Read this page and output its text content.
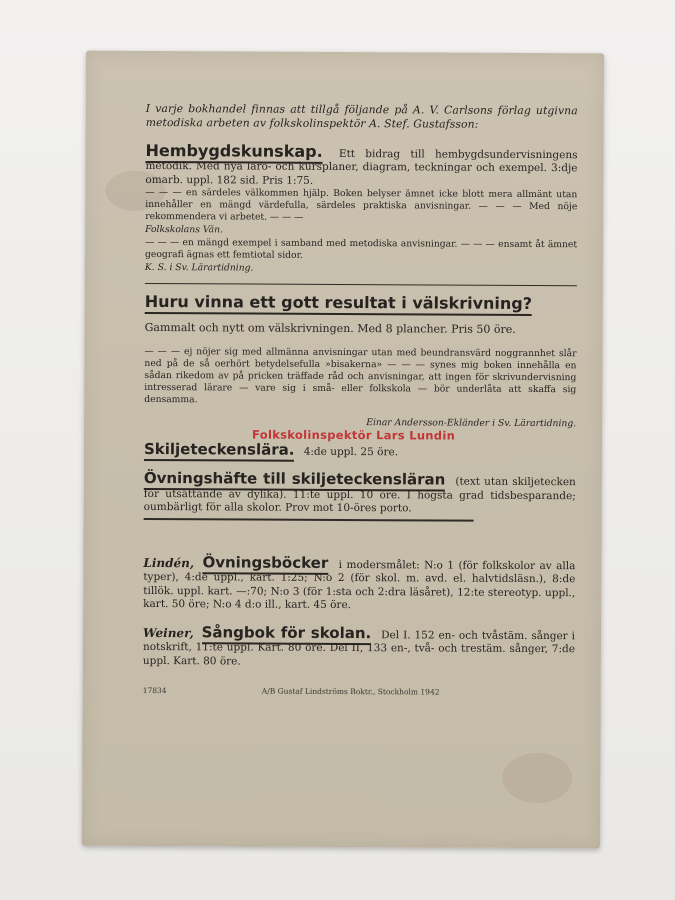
I varje bokhandel finnas att tillgå följande på A. V. Carlsons förlag utgivna metodiska arbeten av folkskolinspektör A. Stef. Gustafsson:

Hembygdskunskap. Ett bidrag till hembygdsundervisningens metodik. Med nya läro- och kursplaner, diagram, teckningar och exempel. 3:dje omarb. uppl. 182 sid. Pris 1:75.

— — — en särdeles välkommen hjälp. Boken belyser ämnet icke blott mera allmänt utan innehåller en mängd värdefulla, särdeles praktiska anvisningar. — — — Med nöje rekommendera vi arbetet. — — —

Folkskolans Vän.

— — — en mängd exempel i samband med metodiska anvisningar. — — — ensamt åt ämnet geografi ägnas ett femtiotal sidor.

K. S. i Sv. Lärartidning.

Huru vinna ett gott resultat i välskrivning?

Gammalt och nytt om välskrivningen. Med 8 plancher. Pris 50 öre.

— — — ej nöjer sig med allmänna anvisningar utan med beundransvärd noggrannhet slår ned på de så oerhört betydelsefulla »bisakerna» — — — synes mig boken innehålla en sådan rikedom av på pricken träffade råd och anvisningar, att ingen för skrivundervisning intresserad lärare — vare sig i små- eller folkskola — bör underlåta att skaffa sig densamma.

Einar Andersson-Ekländer i Sv. Lärartidning.

Skiljeteckenslära. 4:de uppl. 25 öre.

Övningshäfte till skiljeteckensläran (text utan skiljetecken för utsättande av dylika). 11:te uppl. 10 öre. I högsta grad tidsbesparande; oumbärligt för alla skolor. Prov mot 10-öres porto.

Lindén, Övningsböcker i modersmålet: N:o 1 (för folkskolor av alla typer), 4:de uppl., kart. 1:25; N:o 2 (för skol. m. avd. el. halvtidsläsn.), 8:de tillök. uppl. kart. —:70; N:o 3 (för 1:sta och 2:dra läsåret), 12:te stereotyp. uppl., kart. 50 öre; N:o 4 d:o ill., kart. 45 öre.

Weiner, Sångbok för skolan. Del I. 152 en- och tvåstäm. sånger i notskrift, 11:te uppl. Kart. 80 öre. Del II, 133 en-, två- och trestäm. sånger, 7:de uppl. Kart. 80 öre.

17834	A/B Gustaf Lindströms Boktr., Stockholm 1942
Folkskolinspektör Lars Lundin
